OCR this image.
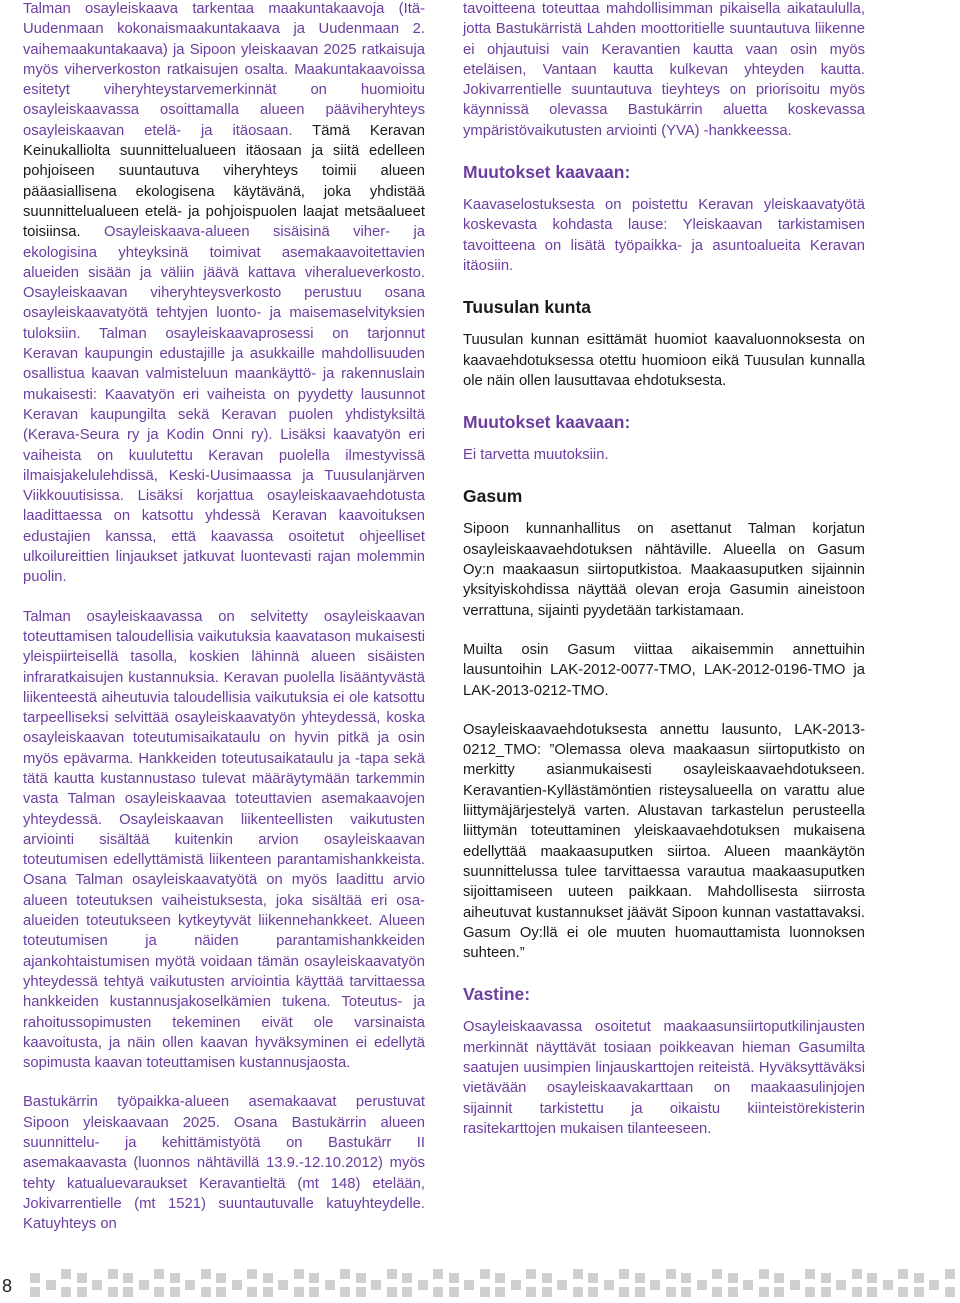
Talman osayleiskaava tarkentaa maakuntakaavoja (Itä-Uudenmaan kokonaismaakuntakaava ja Uudenmaan 2. vaihemaakuntakaava) ja Sipoon yleiskaavan 2025 ratkaisuja myös viherverkoston ratkaisujen osalta. Maakuntakaavoissa esitetyt viheryhteystarvemerkinnät on huomioitu osayleiskaavassa osoittamalla alueen pääviheryhteys osayleiskaavan etelä- ja itäosaan. Tämä Keravan Keinukalliolta suunnittelualueen itäosaan ja siitä edelleen pohjoiseen suuntautuva viheryhteys toimii alueen pääasiallisena ekologisena käytävänä, joka yhdistää suunnittelualueen etelä- ja pohjoispuolen laajat metsäalueet toisiinsa. Osayleiskaava-alueen sisäisinä viher- ja ekologisina yhteyksinä toimivat asemakaavoitettavien alueiden sisään ja väliin jäävä kattava viheralueverkosto. Osayleiskaavan viheryhteysverkosto perustuu osana osayleiskaavatyötä tehtyjen luonto- ja maisemaselvityksien tuloksiin. Talman osayleiskaavaprosessi on tarjonnut Keravan kaupungin edustajille ja asukkaille mahdollisuuden osallistua kaavan valmisteluun maankäyttö- ja rakennuslain mukaisesti: Kaavatyön eri vaiheista on pyydetty lausunnot Keravan kaupungilta sekä Keravan puolen yhdistyksiltä (Kerava-Seura ry ja Kodin Onni ry). Lisäksi kaavatyön eri vaiheista on kuulutettu Keravan puolella ilmestyvissä ilmaisjakelulehdissä, Keski-Uusimaassa ja Tuusulanjärven Viikkouutisissa. Lisäksi korjattua osayleiskaavaehdotusta laadittaessa on katsottu yhdessä Keravan kaavoituksen edustajien kanssa, että kaavassa osoitetut ohjeelliset ulkoilureittien linjaukset jatkuvat luontevasti rajan molemmin puolin.

Talman osayleiskaavassa on selvitetty osayleiskaavan toteuttamisen taloudellisia vaikutuksia kaavatason mukaisesti yleispiirteisellä tasolla, koskien lähinnä alueen sisäisten infraratkaisujen kustannuksia. Keravan puolella lisääntyvästä liikenteestä aiheutuvia taloudellisia vaikutuksia ei ole katsottu tarpeelliseksi selvittää osayleiskaavatyön yhteydessä, koska osayleiskaavan toteutumisaikataulu on hyvin pitkä ja osin myös epävarma. Hankkeiden toteutusaikataulu ja -tapa sekä tätä kautta kustannustaso tulevat määräytymään tarkemmin vasta Talman osayleiskaavaa toteuttavien asemakaavojen yhteydessä. Osayleiskaavan liikenteellisten vaikutusten arviointi sisältää kuitenkin arvion osayleiskaavan toteutumisen edellyttämistä liikenteen parantamishankkeista. Osana Talman osayleiskaavatyötä on myös laadittu arvio alueen toteutuksen vaiheistuksesta, joka sisältää eri osa-alueiden toteutukseen kytkeytyvät liikennehankkeet. Alueen toteutumisen ja näiden parantamishankkeiden ajankohtaistumisen myötä voidaan tämän osayleiskaavatyön yhteydessä tehtyä vaikutusten arviointia käyttää tarvittaessa hankkeiden kustannusjakoselkämien tukena. Toteutus- ja rahoitussopimusten tekeminen eivät ole varsinaista kaavoitusta, ja näin ollen kaavan hyväksyminen ei edellytä sopimusta kaavan toteuttamisen kustannusjaosta.

Bastukärrin työpaikka-alueen asemakaavat perustuvat Sipoon yleiskaavaan 2025. Osana Bastukärrin alueen suunnittelu- ja kehittämistyötä on Bastukärr II asemakaavasta (luonnos nähtävillä 13.9.-12.10.2012) myös tehty katualuevaraukset Keravantieltä (mt 148) etelään, Jokivarrentielle (mt 1521) suuntautuvalle katuyhteydelle. Katuyhteys on

tavoitteena toteuttaa mahdollisimman pikaisella aikataululla, jotta Bastukärristä Lahden moottoritielle suuntautuva liikenne ei ohjautuisi vain Keravantien kautta vaan osin myös eteläisen, Vantaan kautta kulkevan yhteyden kautta. Jokivarrentielle suuntautuva tieyhteys on priorisoitu myös käynnissä olevassa Bastukärrin aluetta koskevassa ympäristövaikutusten arviointi (YVA) -hankkeessa.

Muutokset kaavaan:

Kaavaselostuksesta on poistettu Keravan yleiskaavatyötä koskevasta kohdasta lause: Yleiskaavan tarkistamisen tavoitteena on lisätä työpaikka- ja asuntoalueita Keravan itäosiin.

Tuusulan kunta

Tuusulan kunnan esittämät huomiot kaavaluonnoksesta on kaavaehdotuksessa otettu huomioon eikä Tuusulan kunnalla ole näin ollen lausuttavaa ehdotuksesta.

Muutokset kaavaan:

Ei tarvetta muutoksiin.

Gasum

Sipoon kunnanhallitus on asettanut Talman korjatun osayleiskaavaehdotuksen nähtäville. Alueella on Gasum Oy:n maakaasun siirtoputkistoa. Maakaasuputken sijainnin yksityiskohdissa näyttää olevan eroja Gasumin aineistoon verrattuna, sijainti pyydetään tarkistamaan.

Muilta osin Gasum viittaa aikaisemmin annettuihin lausuntoihin LAK-2012-0077-TMO, LAK-2012-0196-TMO ja LAK-2013-0212-TMO.

Osayleiskaavaehdotuksesta annettu lausunto, LAK-2013-0212_TMO: ”Olemassa oleva maakaasun siirtoputkisto on merkitty asianmukaisesti osayleiskaavaehdotukseen. Keravantien-Kyllästämöntien risteysalueella on varattu alue liittymäjärjestelyä varten. Alustavan tarkastelun perusteella liittymän toteuttaminen yleiskaavaehdotuksen mukaisena edellyttää maakaasuputken siirtoa. Alueen maankäytön suunnittelussa tulee tarvittaessa varautua maakaasuputken sijoittamiseen uuteen paikkaan. Mahdollisesta siirrosta aiheutuvat kustannukset jäävät Sipoon kunnan vastattavaksi. Gasum Oy:llä ei ole muuten huomauttamista luonnoksen suhteen.”

Vastine:

Osayleiskaavassa osoitetut maakaasunsiirtoputkilinjausten merkinnät näyttävät tosiaan poikkeavan hieman Gasumilta saatujen uusimpien linjauskarttojen reiteistä. Hyväksyttäväksi vietävään osayleiskaavakarttaan on maakaasulinjojen sijainnit tarkistettu ja oikaistu kiinteistörekisterin rasitekarttojen mukaisen tilanteeseen.

8
